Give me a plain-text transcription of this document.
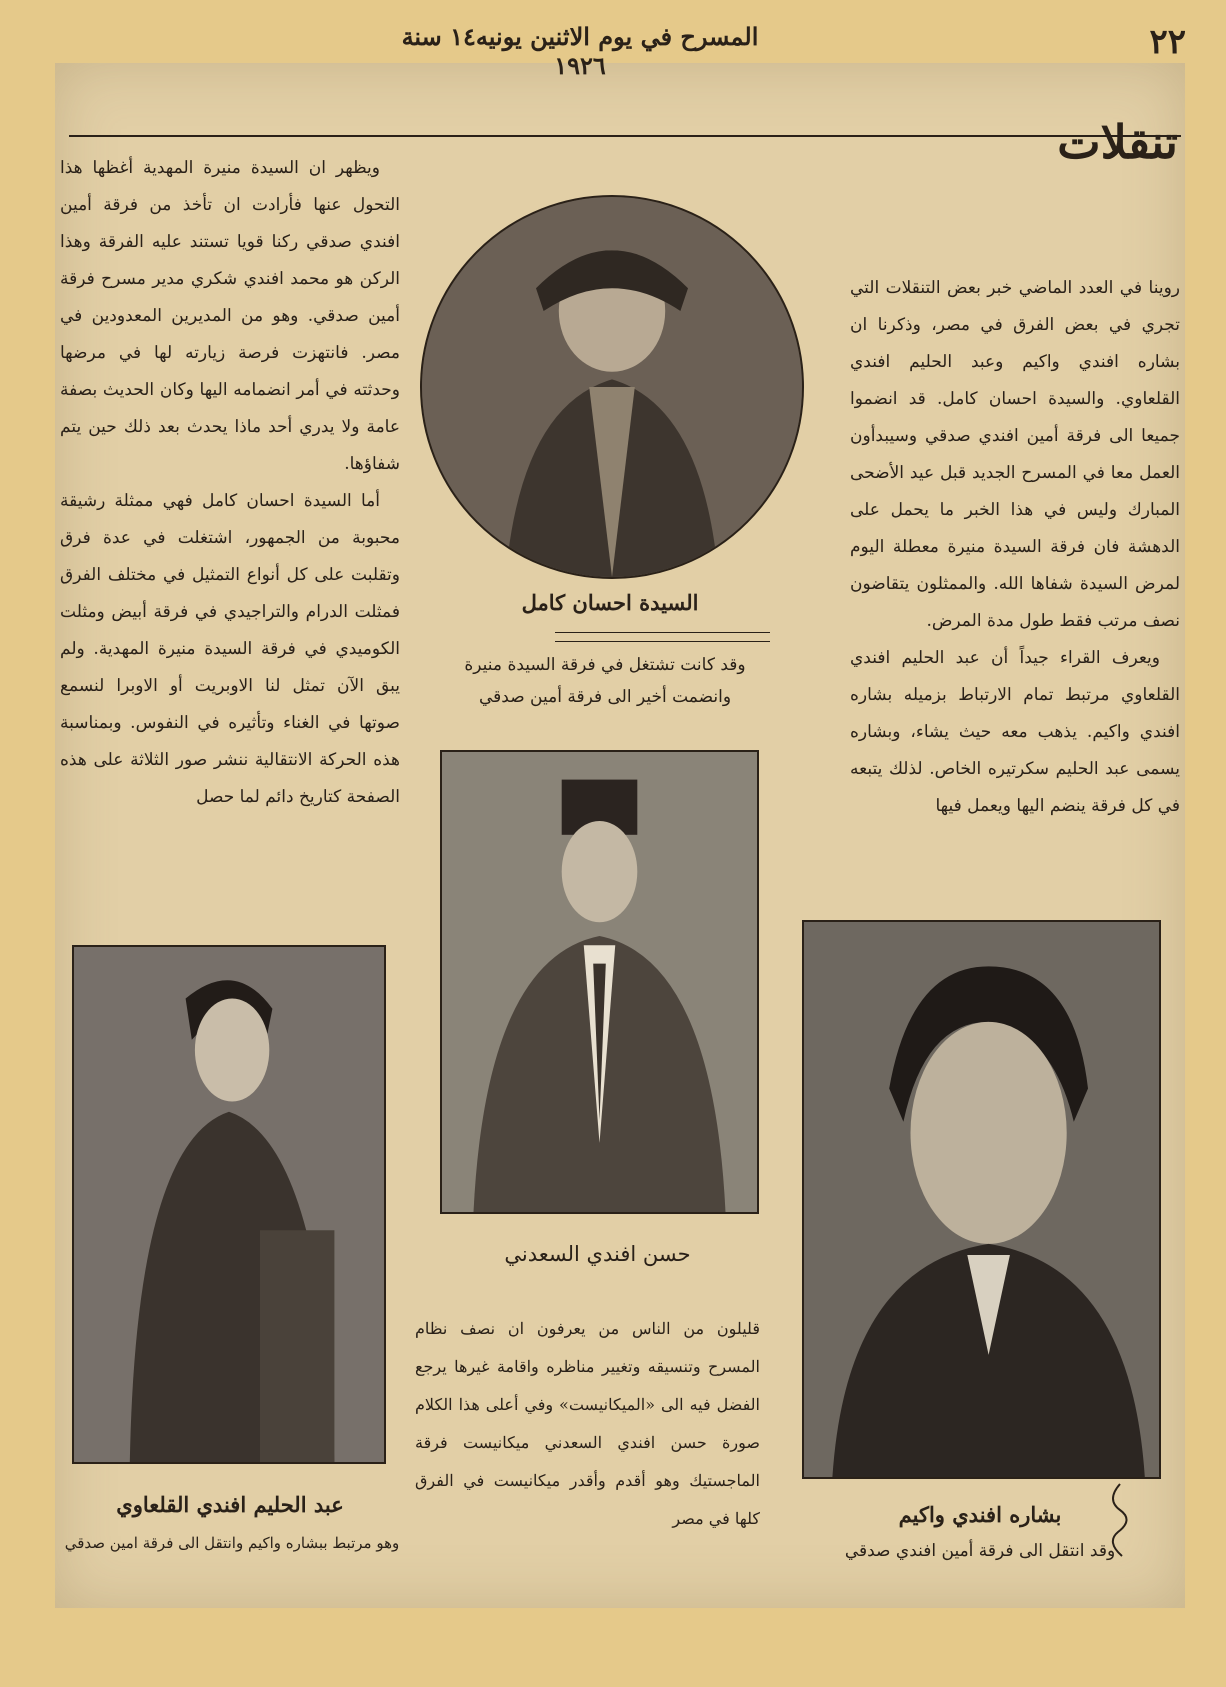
٢٢
المسرح في يوم الاثنين يونيه١٤ سنة ١٩٢٦
تنقلات

روينا في العدد الماضي خبر بعض التنقلات التي تجري في بعض الفرق في مصر، وذكرنا ان بشاره افندي واكيم وعبد الحليم افندي القلعاوي. والسيدة احسان كامل. قد انضموا جميعا الى فرقة أمين افندي صدقي وسيبدأون العمل معا في المسرح الجديد قبل عيد الأضحى المبارك وليس في هذا الخبر ما يحمل على الدهشة فان فرقة السيدة منيرة معطلة اليوم لمرض السيدة شفاها الله. والممثلون يتقاضون نصف مرتب فقط طول مدة المرض.

ويعرف القراء جيداً أن عبد الحليم افندي القلعاوي مرتبط تمام الارتباط بزميله بشاره افندي واكيم. يذهب معه حيث يشاء، وبشاره يسمى عبد الحليم سكرتيره الخاص. لذلك يتبعه في كل فرقة ينضم اليها ويعمل فيها

ويظهر ان السيدة منيرة المهدية أغظها هذا التحول عنها فأرادت ان تأخذ من فرقة أمين افندي صدقي ركنا قويا تستند عليه الفرقة وهذا الركن هو محمد افندي شكري مدير مسرح فرقة أمين صدقي. وهو من المديرين المعدودين في مصر. فانتهزت فرصة زيارته لها في مرضها وحدثته في أمر انضمامه اليها وكان الحديث بصفة عامة ولا يدري أحد ماذا يحدث بعد ذلك حين يتم شفاؤها.

أما السيدة احسان كامل فهي ممثلة رشيقة محبوبة من الجمهور، اشتغلت في عدة فرق وتقلبت على كل أنواع التمثيل في مختلف الفرق فمثلت الدرام والتراجيدي في فرقة أبيض ومثلت الكوميدي في فرقة السيدة منيرة المهدية. ولم يبق الآن تمثل لنا الاوبريت أو الاوبرا لنسمع صوتها في الغناء وتأثيره في النفوس. وبمناسبة هذه الحركة الانتقالية ننشر صور الثلاثة على هذه الصفحة كتاريخ دائم لما حصل

السيدة احسان كامل
وقد كانت تشتغل في فرقة السيدة منيرة
وانضمت أخير الى فرقة أمين صدقي
حسن افندي السعدني
قليلون من الناس من يعرفون ان نصف نظام المسرح وتنسيقه وتغيير مناظره واقامة غيرها يرجع الفضل فيه الى «الميكانيست» وفي أعلى هذا الكلام صورة حسن افندي السعدني ميكانيست فرقة الماجستيك وهو أقدم وأقدر ميكانيست في الفرق كلها في مصر
عبد الحليم افندي القلعاوي
وهو مرتبط ببشاره واكيم وانتقل الى فرقة امين صدقي
بشاره افندي واكيم
وقد انتقل الى فرقة أمين افندي صدقي
